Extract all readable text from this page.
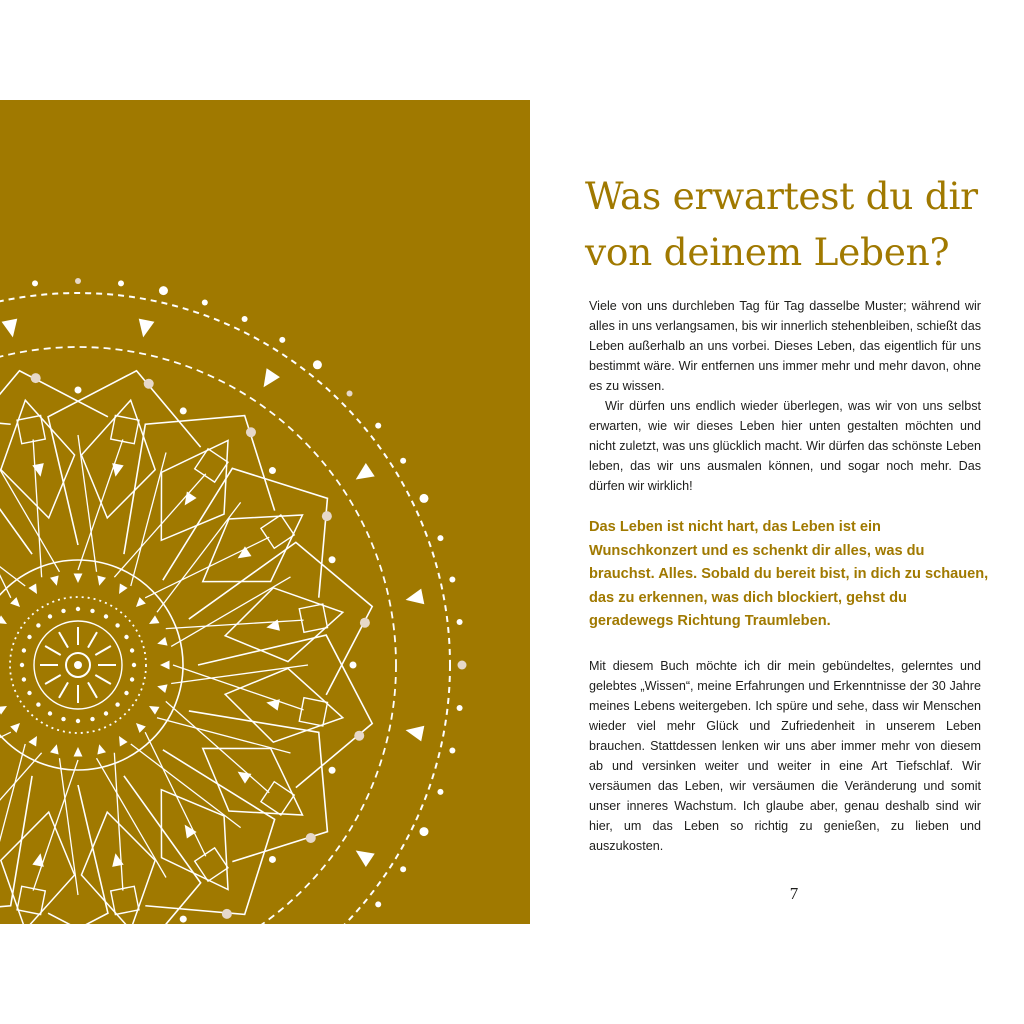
Was erwartest du dir von deinem Leben?

Viele von uns durchleben Tag für Tag dasselbe Muster; während wir alles in uns verlangsamen, bis wir innerlich stehenbleiben, schießt das Leben außerhalb an uns vorbei. Dieses Leben, das eigentlich für uns bestimmt wäre. Wir entfernen uns immer mehr und mehr davon, ohne es zu wissen.

Wir dürfen uns endlich wieder überlegen, was wir von uns selbst erwarten, wie wir dieses Leben hier unten gestalten möchten und nicht zuletzt, was uns glücklich macht. Wir dürfen das schönste Leben leben, das wir uns ausmalen können, und sogar noch mehr. Das dürfen wir wirklich!

Das Leben ist nicht hart, das Leben ist ein Wunschkonzert und es schenkt dir alles, was du brauchst. Alles. Sobald du bereit bist, in dich zu schauen, das zu erkennen, was dich blockiert, gehst du geradewegs Richtung Traumleben.

Mit diesem Buch möchte ich dir mein gebündeltes, gelerntes und gelebtes „Wissen“, meine Erfahrungen und Erkenntnisse der 30 Jahre meines Lebens weitergeben. Ich spüre und sehe, dass wir Menschen wieder viel mehr Glück und Zufriedenheit in unserem Leben brauchen. Stattdessen lenken wir uns aber immer mehr von diesem ab und versinken weiter und weiter in eine Art Tiefschlaf. Wir versäumen das Leben, wir versäumen die Veränderung und somit unser inneres Wachstum. Ich glaube aber, genau deshalb sind wir hier, um das Leben so richtig zu genießen, zu lieben und auszukosten.

7
